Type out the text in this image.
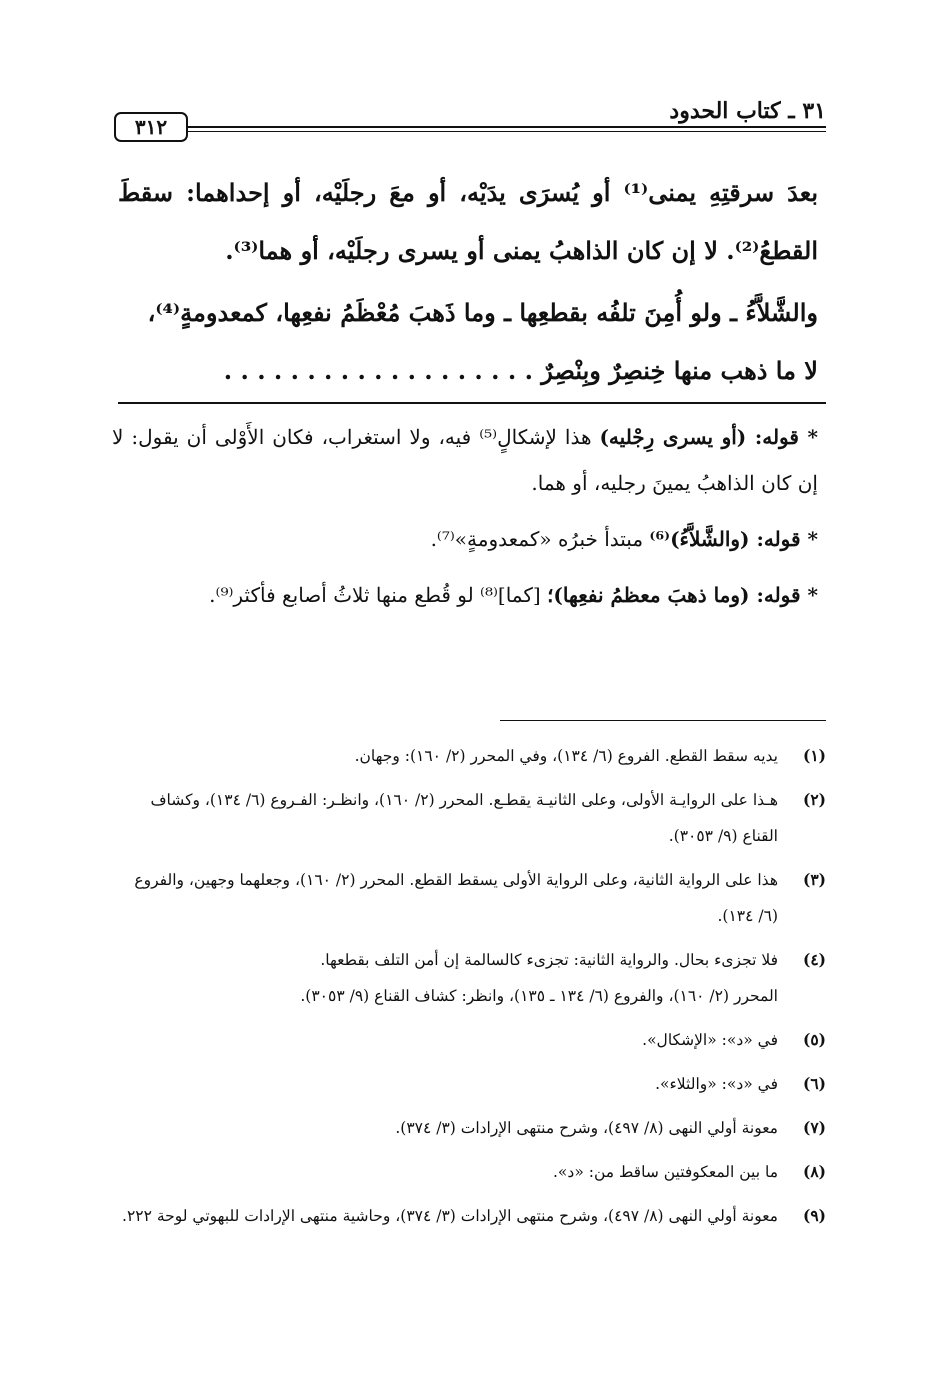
٣١ ـ كتاب الحدود
٣١٢

بعدَ سرقتِهِ يمنى⁽¹⁾ أو يُسرَى يدَيْه، أو معَ رجلَيْه، أو إحداهما: سقطَ القطعُ⁽²⁾. لا إن كان الذاهبُ يمنى أو يسرى رجلَيْه، أو هما⁽³⁾.

والشَّلاَّءُ ـ ولو أُمِنَ تلفُه بقطعِها ـ وما ذَهبَ مُعْظَمُ نفعِها، كمعدومةٍ⁽⁴⁾،

لا ما ذهب منها خِنصِرٌ وبِنْصِرٌ . . . . . . . . . . . . . . . . . . .

* قوله: (أو يسرى رِجْليه) هذا لإشكالٍ⁽⁵⁾ فيه، ولا استغراب، فكان الأَوْلى أن يقول: لا إن كان الذاهبُ يمينَ رجليه، أو هما.

* قوله: (والشَّلاَّءُ)⁽⁶⁾ مبتدأ خبرُه «كمعدومةٍ»⁽⁷⁾.

* قوله: (وما ذهبَ معظمُ نفعِها)؛ [كما]⁽⁸⁾ لو قُطع منها ثلاثُ أصابع فأكثر⁽⁹⁾.

(١)
يديه سقط القطع. الفروع (٦/ ١٣٤)، وفي المحرر (٢/ ١٦٠): وجهان.
(٢)
هـذا على الروايـة الأولى، وعلى الثانيـة يقطـع. المحرر (٢/ ١٦٠)، وانظـر: الفـروع (٦/ ١٣٤)، وكشاف القناع (٩/ ٣٠٥٣).
(٣)
هذا على الرواية الثانية، وعلى الرواية الأولى يسقط القطع. المحرر (٢/ ١٦٠)، وجعلهما وجهين، والفروع (٦/ ١٣٤).
(٤)
فلا تجزىء بحال. والرواية الثانية: تجزىء كالسالمة إن أمن التلف بقطعها.
المحرر (٢/ ١٦٠)، والفروع (٦/ ١٣٤ ـ ١٣٥)، وانظر: كشاف القناع (٩/ ٣٠٥٣).
(٥)
في «د»: «الإشكال».
(٦)
في «د»: «والثلاء».
(٧)
معونة أولي النهى (٨/ ٤٩٧)، وشرح منتهى الإرادات (٣/ ٣٧٤).
(٨)
ما بين المعكوفتين ساقط من: «د».
(٩)
معونة أولي النهى (٨/ ٤٩٧)، وشرح منتهى الإرادات (٣/ ٣٧٤)، وحاشية منتهى الإرادات للبهوتي لوحة ٢٢٢.
